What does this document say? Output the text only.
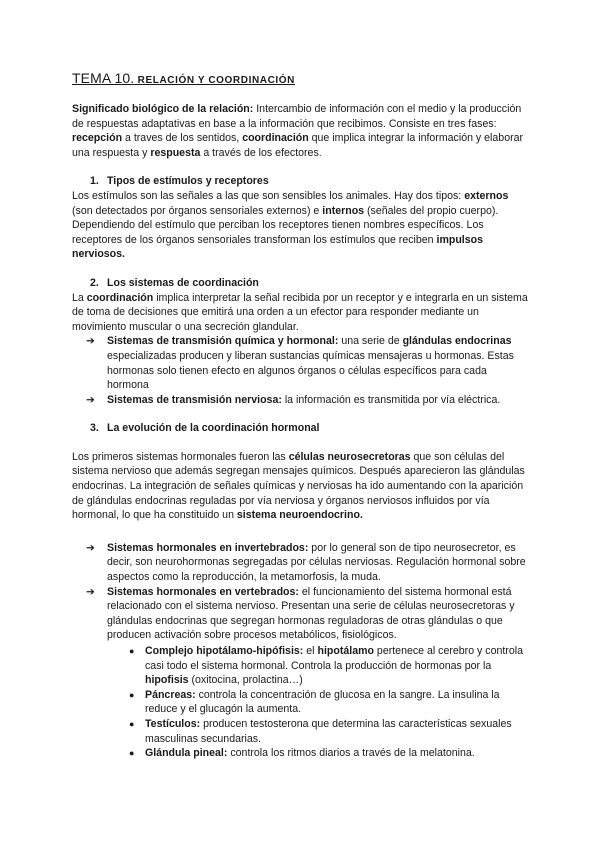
TEMA 10. RELACIÓN Y COORDINACIÓN

Significado biológico de la relación: Intercambio de información con el medio y la producción de respuestas adaptativas en base a la información que recibimos. Consiste en tres fases: recepción a traves de los sentidos, coordinación que implica integrar la información y elaborar una respuesta y respuesta a través de los efectores.

1. Tipos de estímulos y receptores

Los estímulos son las señales a las que son sensibles los animales. Hay dos tipos: externos (son detectados por órganos sensoriales externos) e internos (señales del propio cuerpo). Dependiendo del estímulo que perciban los receptores tienen nombres específicos. Los receptores de los órganos sensoriales transforman los estímulos que reciben impulsos nerviosos.

2. Los sistemas de coordinación

La coordinación implica interpretar la señal recibida por un receptor y e integrarla en un sistema de toma de decisiones que emitirá una orden a un efector para responder mediante un movimiento muscular o una secreción glandular.

➔ Sistemas de transmisión química y hormonal: una serie de glándulas endocrinas especializadas producen y liberan sustancias químicas mensajeras u hormonas. Estas hormonas solo tienen efecto en algunos órganos o células específicos para cada hormona
➔ Sistemas de transmisión nerviosa: la información es transmitida por vía eléctrica.
3. La evolución de la coordinación hormonal

Los primeros sistemas hormonales fueron las células neurosecretoras que son células del sistema nervioso que además segregan mensajes químicos. Después aparecieron las glándulas endocrinas. La integración de señales químicas y nerviosas ha ido aumentando con la aparición de glándulas endocrinas reguladas por vía nerviosa y órganos nerviosos influidos por vía hormonal, lo que ha constituido un sistema neuroendocrino.

➔ Sistemas hormonales en invertebrados: por lo general son de tipo neurosecretor, es decir, son neurohormonas segregadas por células nerviosas. Regulación hormonal sobre aspectos como la reproducción, la metamorfosis, la muda.
➔ Sistemas hormonales en vertebrados: el funcionamiento del sistema hormonal está relacionado con el sistema nervioso. Presentan una serie de células neurosecretoras y glándulas endocrinas que segregan hormonas reguladoras de otras glándulas o que producen activación sobre procesos metabólicos, fisiológicos.
● Complejo hipotálamo-hipófisis: el hipotálamo pertenece al cerebro y controla casi todo el sistema hormonal. Controla la producción de hormonas por la hipofisis (oxitocina, prolactina…)
● Páncreas: controla la concentración de glucosa en la sangre. La insulina la reduce y el glucagón la aumenta.
● Testículos: producen testosterona que determina las características sexuales masculinas secundarias.
● Glándula pineal: controla los ritmos diarios a través de la melatonina.
